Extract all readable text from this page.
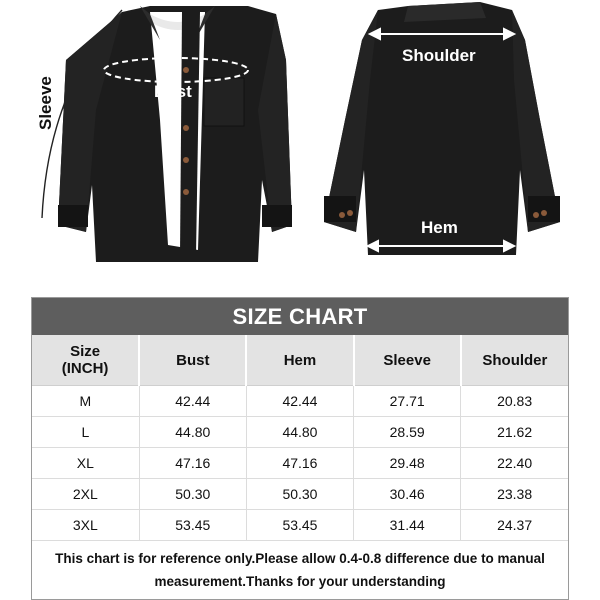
Sleeve	Bust
Shoulder
Hem
SIZE CHART
Size
(INCH)	Bust	Hem	Sleeve	Shoulder
M	42.44	42.44	27.71	20.83
L	44.80	44.80	28.59	21.62
XL	47.16	47.16	29.48	22.40
2XL	50.30	50.30	30.46	23.38
3XL	53.45	53.45	31.44	24.37
This chart is for reference only.Please allow 0.4-0.8 difference due to manual
measurement.Thanks for your understanding
